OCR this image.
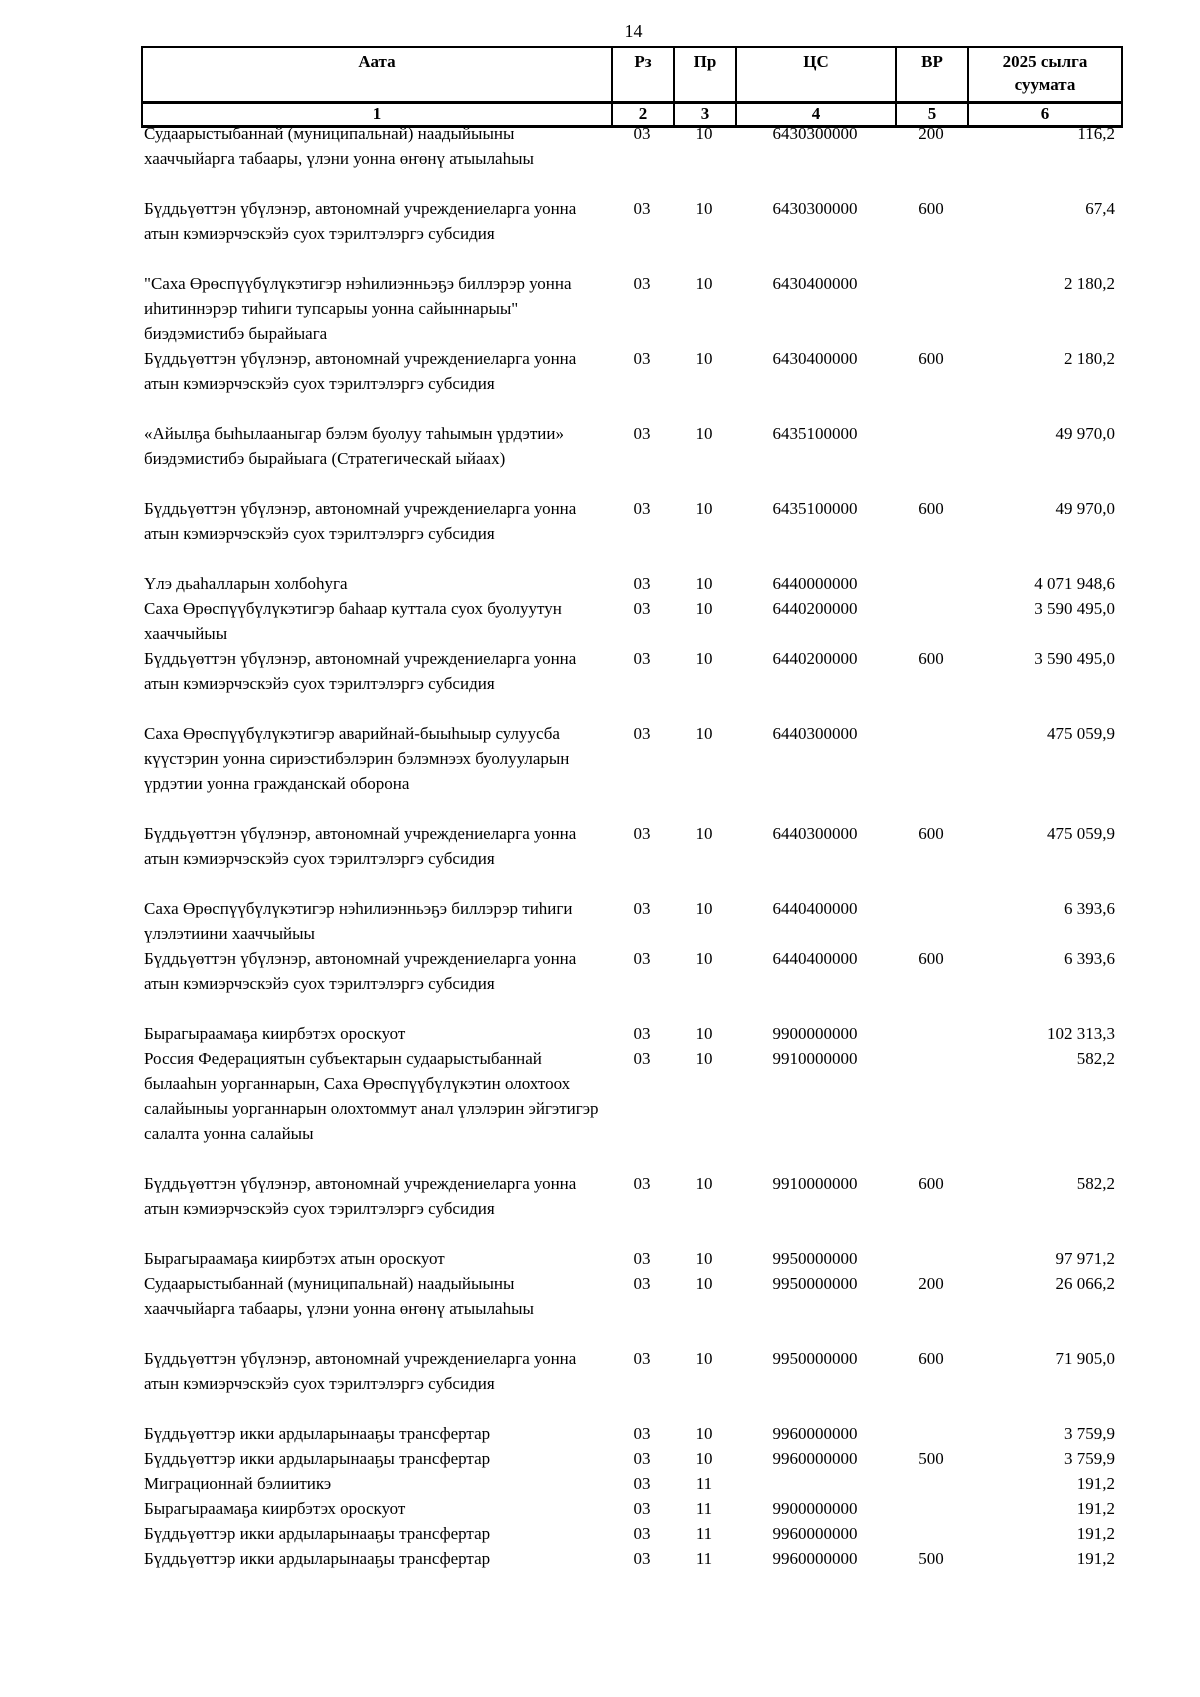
14
Аата	Рз	Пр	ЦС	ВР	2025 сылга суумата
1	2	3	4	5	6
Судаарыстыбаннай (муниципальнай) наадыйыыны хааччыйарга табаары, үлэни уонна өҥөнү атыылаһыы	03	10	6430300000	200	116,2
Бүддьүөттэн үбүлэнэр, автономнай учреждениеларга уонна атын кэмиэрчэскэйэ суох тэрилтэлэргэ субсидия	03	10	6430300000	600	67,4
"Саха Өрөспүүбүлүкэтигэр нэһилиэнньэҕэ биллэрэр уонна иһитиннэрэр тиһиги тупсарыы уонна сайыннарыы" биэдэмистибэ бырайыага	03	10	6430400000		2 180,2
Бүддьүөттэн үбүлэнэр, автономнай учреждениеларга уонна атын кэмиэрчэскэйэ суох тэрилтэлэргэ субсидия	03	10	6430400000	600	2 180,2
«Айылҕа быһылааныгар бэлэм буолуу таһымын үрдэтии» биэдэмистибэ бырайыага (Стратегическай ыйаах)	03	10	6435100000		49 970,0
Бүддьүөттэн үбүлэнэр, автономнай учреждениеларга уонна атын кэмиэрчэскэйэ суох тэрилтэлэргэ субсидия	03	10	6435100000	600	49 970,0
Үлэ дьаһалларын холбоһуга	03	10	6440000000		4 071 948,6
Саха Өрөспүүбүлүкэтигэр баһаар куттала суох буолуутун хааччыйыы	03	10	6440200000		3 590 495,0
Бүддьүөттэн үбүлэнэр, автономнай учреждениеларга уонна атын кэмиэрчэскэйэ суох тэрилтэлэргэ субсидия	03	10	6440200000	600	3 590 495,0
Саха Өрөспүүбүлүкэтигэр аварийнай-быыһыыр сулуусба күүстэрин уонна сириэстибэлэрин бэлэмнээх буолууларын үрдэтии уонна гражданскай оборона	03	10	6440300000		475 059,9
Бүддьүөттэн үбүлэнэр, автономнай учреждениеларга уонна атын кэмиэрчэскэйэ суох тэрилтэлэргэ субсидия	03	10	6440300000	600	475 059,9
Саха Өрөспүүбүлүкэтигэр нэһилиэнньэҕэ биллэрэр тиһиги үлэлэтиини хааччыйыы	03	10	6440400000		6 393,6
Бүддьүөттэн үбүлэнэр, автономнай учреждениеларга уонна атын кэмиэрчэскэйэ суох тэрилтэлэргэ субсидия	03	10	6440400000	600	6 393,6
Бырагыраамаҕа киирбэтэх ороскуот	03	10	9900000000		102 313,3
Россия Федерациятын субъектарын судаарыстыбаннай былааһын уорганнарын, Саха Өрөспүүбүлүкэтин олохтоох салайыныы уорганнарын олохтоммут анал үлэлэрин эйгэтигэр салалта уонна салайыы	03	10	9910000000		582,2
Бүддьүөттэн үбүлэнэр, автономнай учреждениеларга уонна атын кэмиэрчэскэйэ суох тэрилтэлэргэ субсидия	03	10	9910000000	600	582,2
Бырагыраамаҕа киирбэтэх атын ороскуот	03	10	9950000000		97 971,2
Судаарыстыбаннай (муниципальнай) наадыйыыны хааччыйарга табаары, үлэни уонна өҥөнү атыылаһыы	03	10	9950000000	200	26 066,2
Бүддьүөттэн үбүлэнэр, автономнай учреждениеларга уонна атын кэмиэрчэскэйэ суох тэрилтэлэргэ субсидия	03	10	9950000000	600	71 905,0
Бүддьүөттэр икки ардыларынааҕы трансфертар	03	10	9960000000		3 759,9
Бүддьүөттэр икки ардыларынааҕы трансфертар	03	10	9960000000	500	3 759,9
Миграционнай бэлиитикэ	03	11			191,2
Бырагыраамаҕа киирбэтэх ороскуот	03	11	9900000000		191,2
Бүддьүөттэр икки ардыларынааҕы трансфертар	03	11	9960000000		191,2
Бүддьүөттэр икки ардыларынааҕы трансфертар	03	11	9960000000	500	191,2
